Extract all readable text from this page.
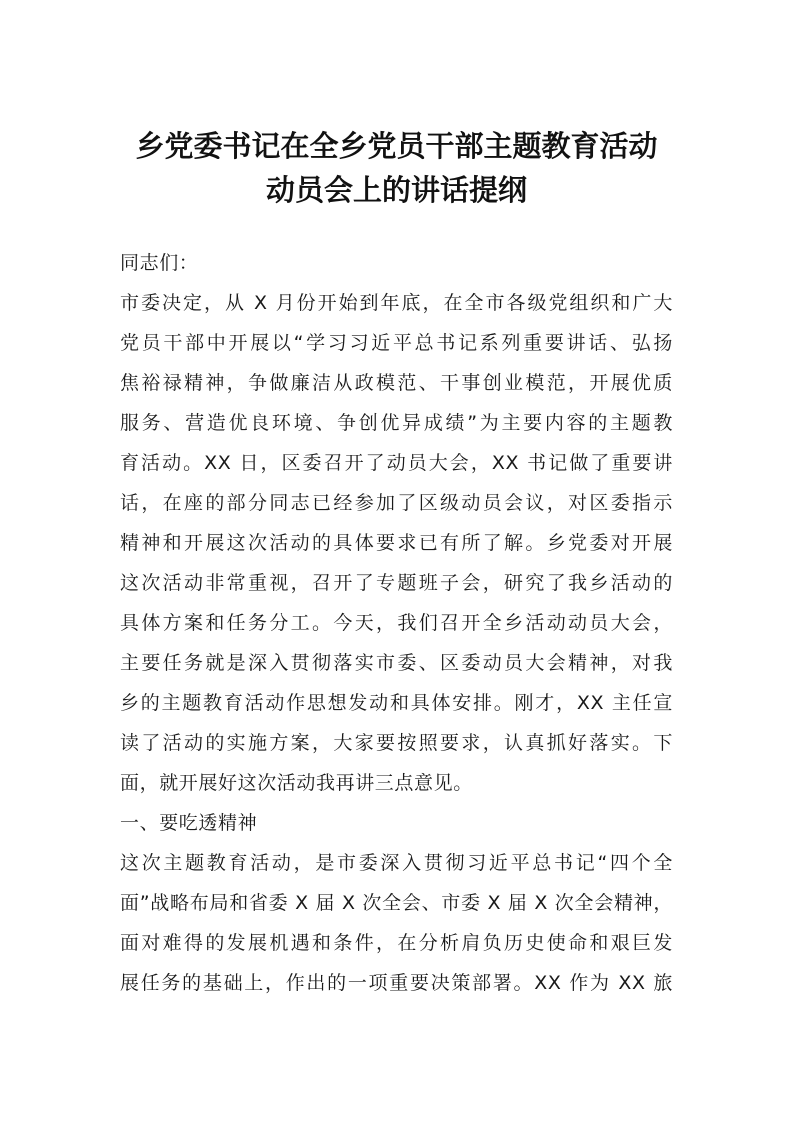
乡党委书记在全乡党员干部主题教育活动
动员会上的讲话提纲
同志们：
市委决定，从 X 月份开始到年底，在全市各级党组织和广大
党员干部中开展以“学习习近平总书记系列重要讲话、弘扬
焦裕禄精神，争做廉洁从政模范、干事创业模范，开展优质
服务、营造优良环境、争创优异成绩”为主要内容的主题教
育活动。XX 日，区委召开了动员大会，XX 书记做了重要讲
话，在座的部分同志已经参加了区级动员会议，对区委指示
精神和开展这次活动的具体要求已有所了解。乡党委对开展
这次活动非常重视，召开了专题班子会，研究了我乡活动的
具体方案和任务分工。今天，我们召开全乡活动动员大会，
主要任务就是深入贯彻落实市委、区委动员大会精神，对我
乡的主题教育活动作思想发动和具体安排。刚才，XX 主任宣
读了活动的实施方案，大家要按照要求，认真抓好落实。下
面，就开展好这次活动我再讲三点意见。
一、要吃透精神
这次主题教育活动，是市委深入贯彻习近平总书记“四个全
面”战略布局和省委 X 届 X 次全会、市委 X 届 X 次全会精神，
面对难得的发展机遇和条件，在分析肩负历史使命和艰巨发
展任务的基础上，作出的一项重要决策部署。XX 作为 XX 旅
